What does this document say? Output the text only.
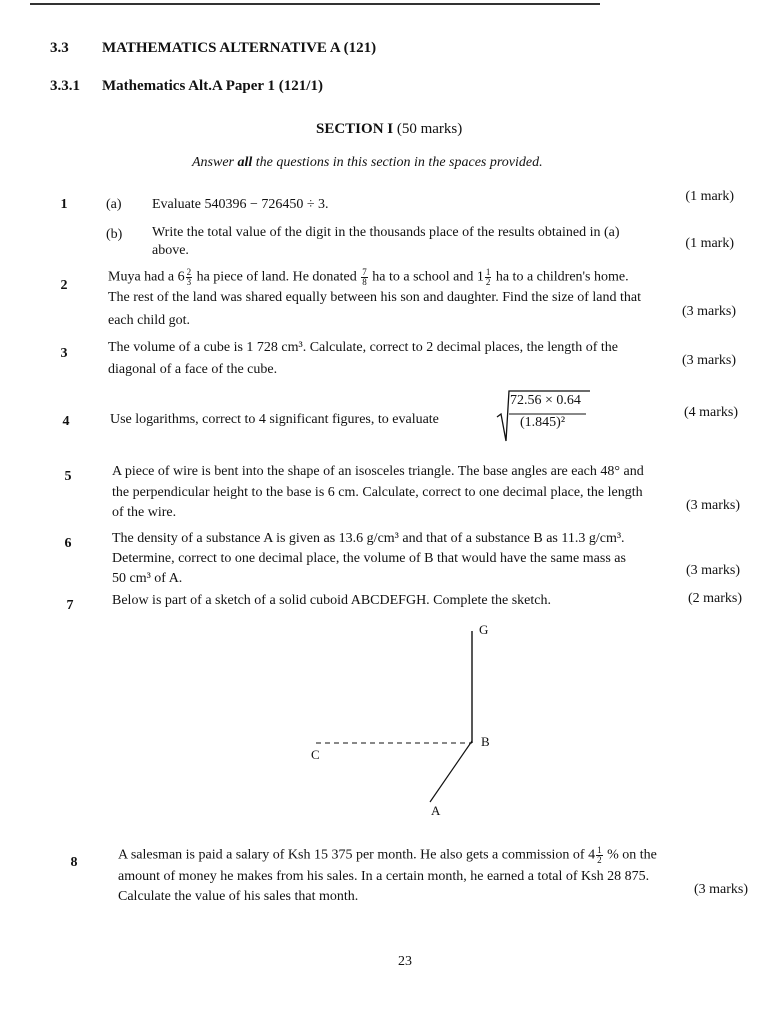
3.3 MATHEMATICS ALTERNATIVE A (121)
3.3.1 Mathematics Alt.A Paper 1 (121/1)
SECTION I (50 marks)
Answer all the questions in this section in the spaces provided.
1	(a) Evaluate 540396 − 726450 ÷ 3.
(1 mark)
(b) Write the total value of the digit in the thousands place of the results obtained in (a)
above.	(1 mark)
2
Muya had a $6 \frac{2}{3}$ ha piece of land. He donated $\frac{7}{8}$ ha to a school and $1 \frac{1}{2}$ ha to a children's home.
The rest of the land was shared equally between his son and daughter. Find the size of land that
each child got.
(3 marks)
3	The volume of a cube is 1 728 cm³. Calculate, correct to 2 decimal places, the length of the
diagonal of a face of the cube.
(3 marks)
4	Use logarithms, correct to 4 significant figures, to evaluate
72.56 × 0.64
(1.845)²
(4 marks)
5	A piece of wire is bent into the shape of an isosceles triangle. The base angles are each 48° and
the perpendicular height to the base is 6 cm. Calculate, correct to one decimal place, the length
of the wire.	(3 marks)
6	The density of a substance A is given as 13.6 g/cm³ and that of a substance B as 11.3 g/cm³.
Determine, correct to one decimal place, the volume of B that would have the same mass as
50 cm³ of A.
(3 marks)
7	Below is part of a sketch of a solid cuboid ABCDEFGH. Complete the sketch.	(2 marks)
G
B
C
A
8	A salesman is paid a salary of Ksh 15 375 per month. He also gets a commission of $4 \frac{1}{2}$ % on the
amount of money he makes from his sales. In a certain month, he earned a total of Ksh 28 875.
Calculate the value of his sales that month.	(3 marks)
23
